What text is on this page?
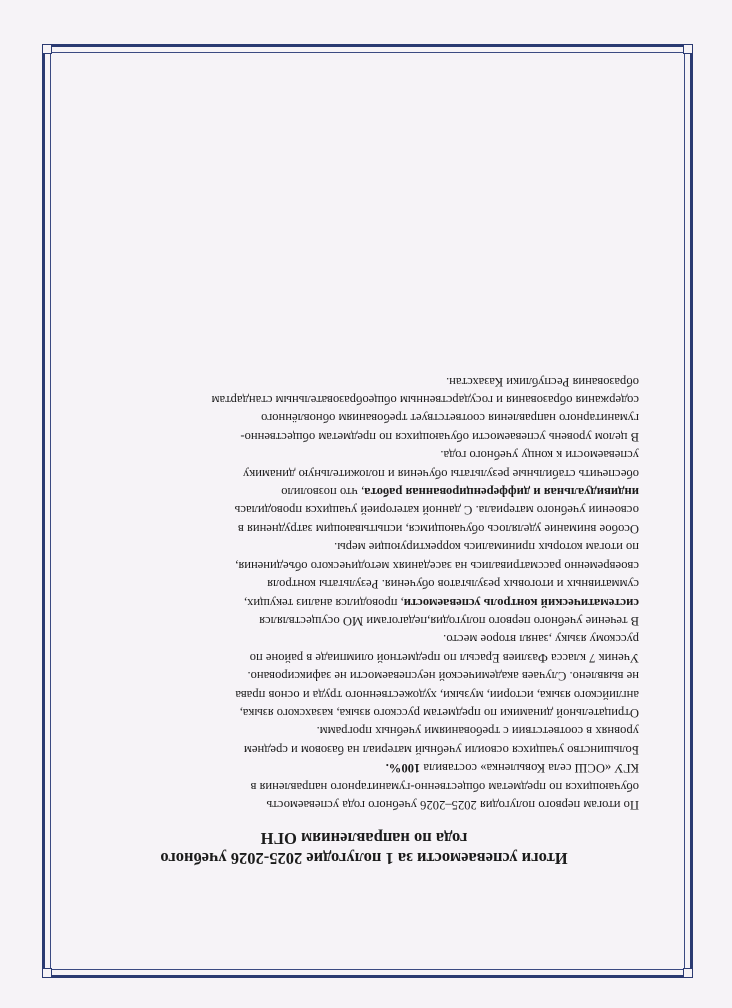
Итоги успеваемости за 1 полугодие 2025-2026 учебного
года по направлениям ОГН
По итогам первого полугодия 2025–2026 учебного года успеваемость
обучающихся по предметам общественно-гуманитарного направления в
КГУ «ОСШ села Ковыленка» составила 100%.
Большинство учащихся освоили учебный материал на базовом и среднем
уровнях в соответствии с требованиями учебных программ.
Отрицательной динамики по предметам русского языка, казахского языка,
английского языка, истории, музыки, художественного труда и основ права
не выявлено. Случаев академической неуспеваемости не зафиксировано.
Ученик 7 класса Фазлиев Ерасыл по предметной олимпиаде в районе по
русскому языку ,занял второе место.
В течение учебного первого полугодия,педагогами МО осуществлялся
систематический контроль успеваемости, проводился анализ текущих,
суммативных и итоговых результатов обучения. Результаты контроля
своевременно рассматривались на заседаниях методического объединения,
по итогам которых принимались корректирующие меры.
Особое внимание уделялось обучающимся, испытывающим затруднения в
освоении учебного материала. С данной категорией учащихся проводилась
индивидуальная и дифференцированная работа, что позволило
обеспечить стабильные результаты обучения и положительную динамику
успеваемости к концу учебного года.
В целом уровень успеваемости обучающихся по предметам общественно-
гуманитарного направления соответствует требованиям обновлённого
содержания образования и государственным общеобразовательным стандартам
образования Республики Казахстан.
